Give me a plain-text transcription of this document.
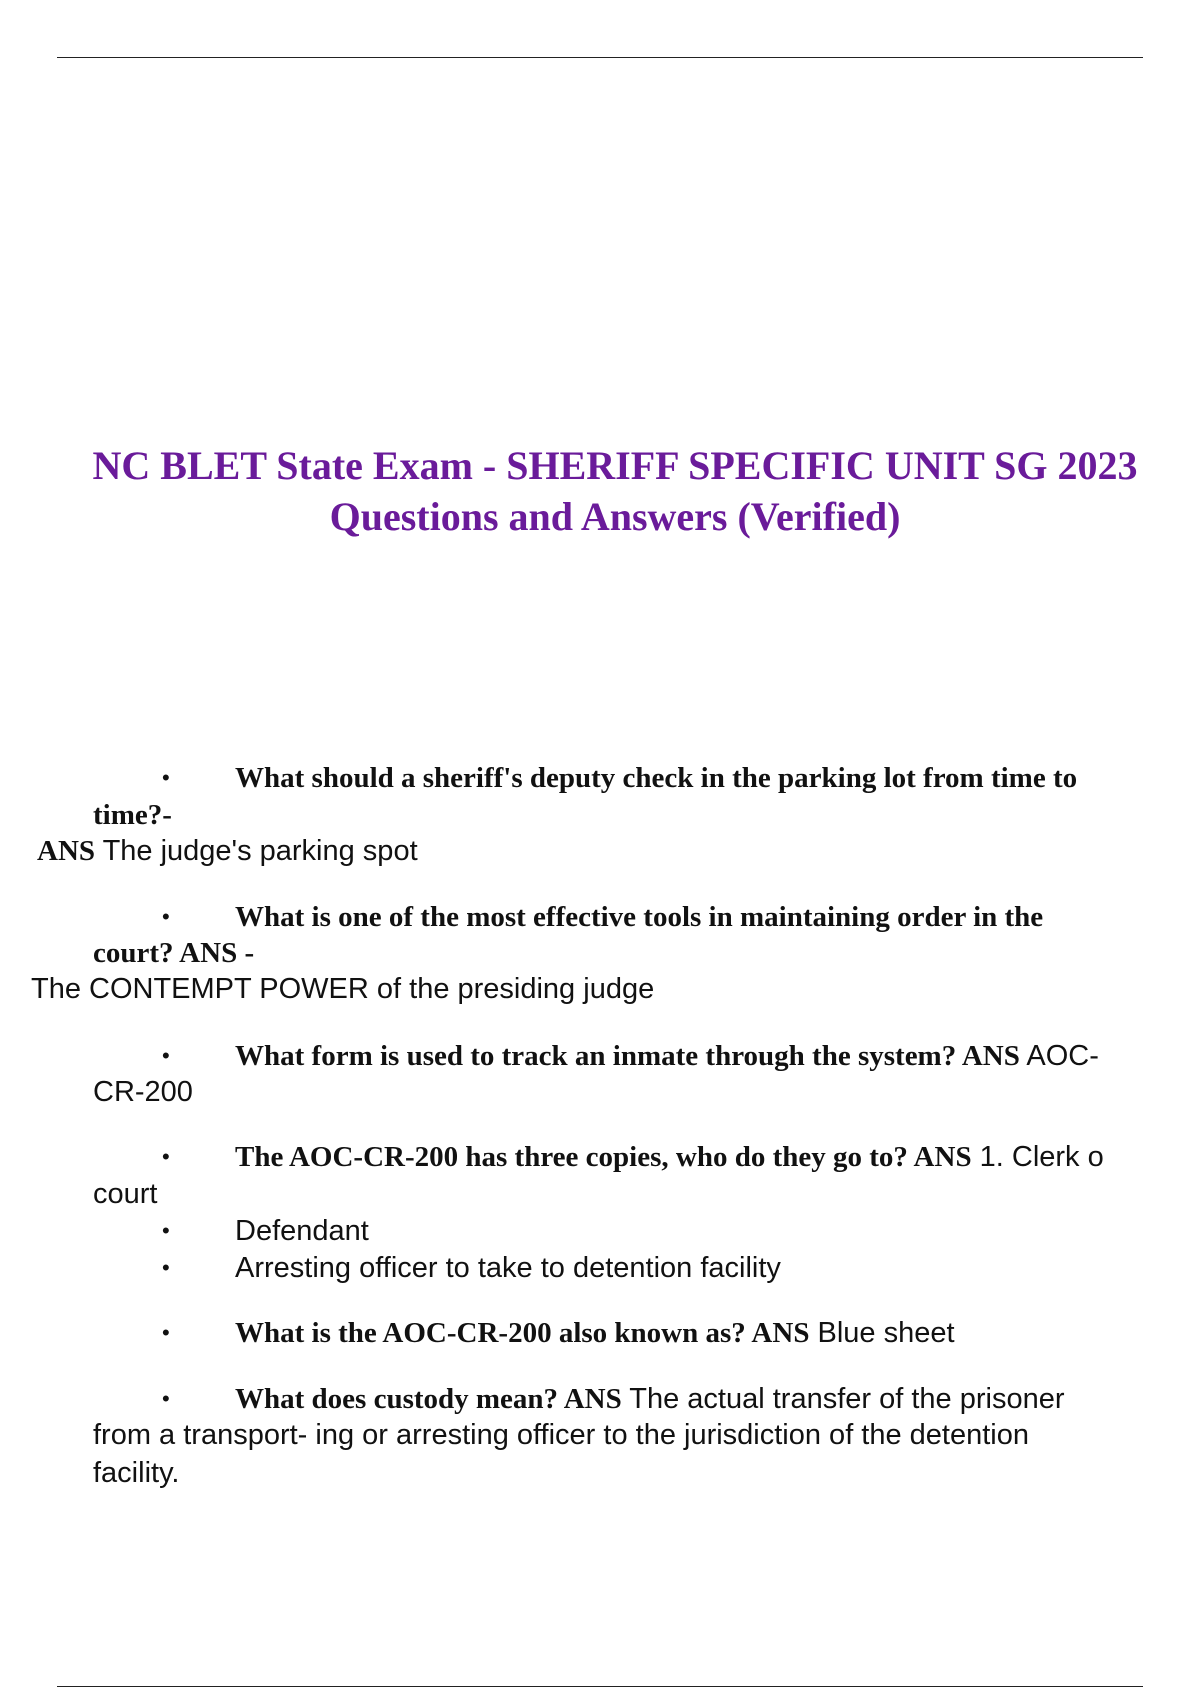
NC BLET State Exam - SHERIFF SPECIFIC UNIT SG 2023
Questions and Answers (Verified)
• What should a sheriff's deputy check in the parking lot from time to
time?-
ANS The judge's parking spot
• What is one of the most effective tools in maintaining order in the
court? ANS -
The CONTEMPT POWER of the presiding judge
• What form is used to track an inmate through the system? ANS AOC-
CR-200
• The AOC-CR-200 has three copies, who do they go to? ANS 1. Clerk o
court
• Defendant
• Arresting officer to take to detention facility
• What is the AOC-CR-200 also known as? ANS Blue sheet
• What does custody mean? ANS The actual transfer of the prisoner
from a transport- ing or arresting officer to the jurisdiction of the detention
facility.
